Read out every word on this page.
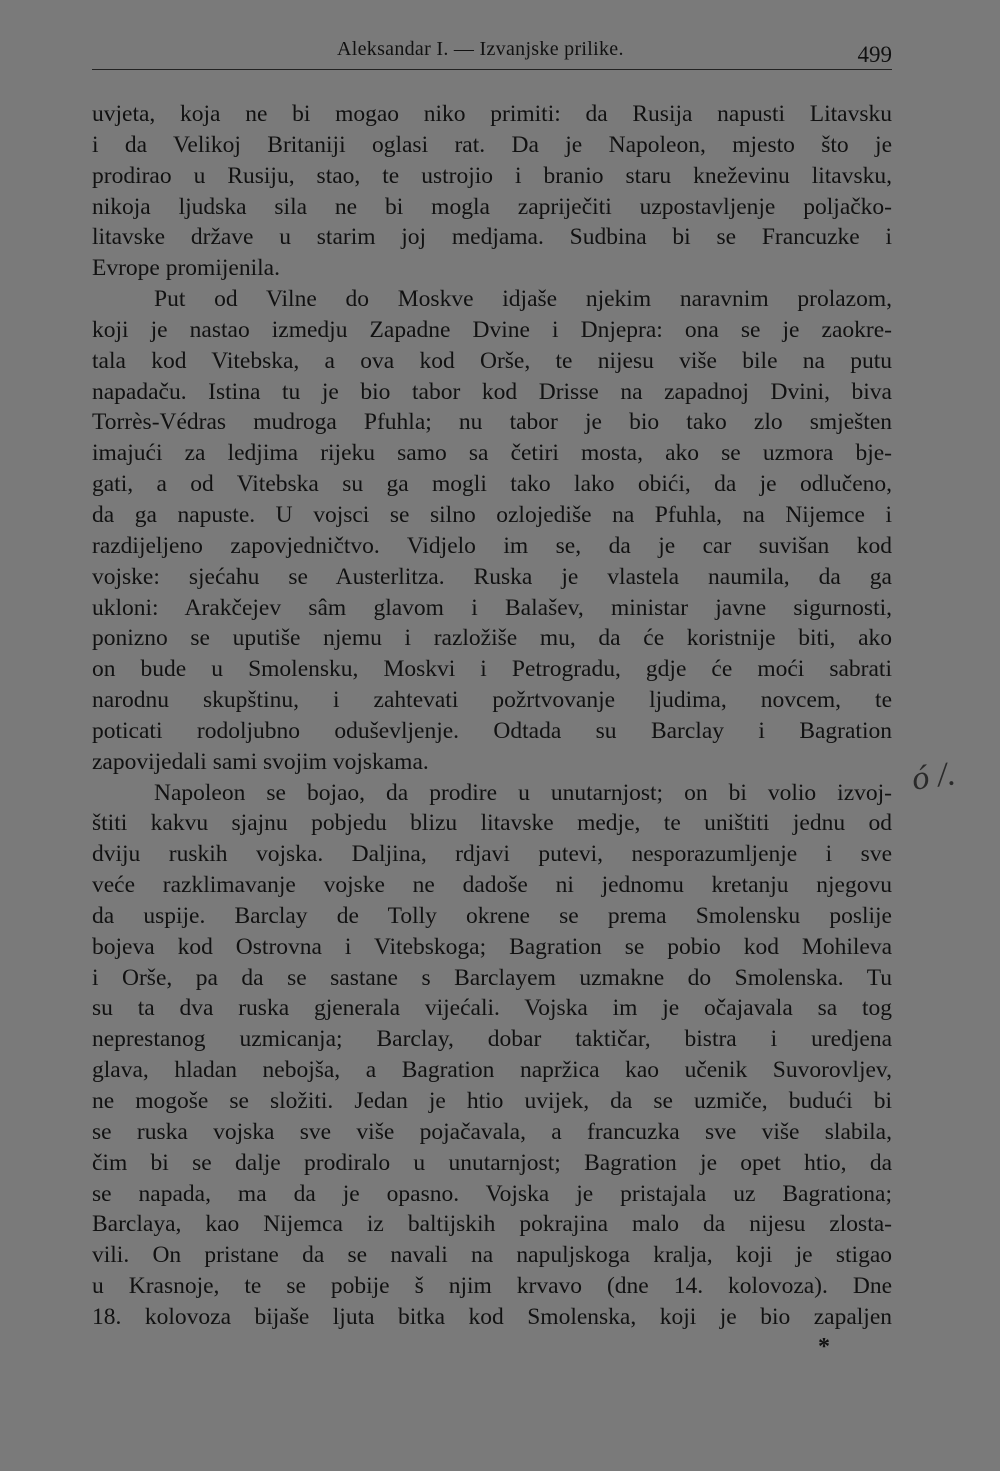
Aleksandar I. — Izvanjske prilike.	499
uvjeta, koja ne bi mogao niko primiti: da Rusija napusti Litavsku
i da Velikoj Britaniji oglasi rat. Da je Napoleon, mjesto što je
prodirao u Rusiju, stao, te ustrojio i branio staru kneževinu litavsku,
nikoja ljudska sila ne bi mogla zapriječiti uzpostavljenje poljačko-
litavske države u starim joj medjama. Sudbina bi se Francuzke i
Evrope promijenila.
Put od Vilne do Moskve idjaše njekim naravnim prolazom,
koji je nastao izmedju Zapadne Dvine i Dnjepra: ona se je zaokre-
tala kod Vitebska, a ova kod Orše, te nijesu više bile na putu
napadaču. Istina tu je bio tabor kod Drisse na zapadnoj Dvini, biva
Torrès-Védras mudroga Pfuhla; nu tabor je bio tako zlo smješten
imajući za ledjima rijeku samo sa četiri mosta, ako se uzmora bje-
gati, a od Vitebska su ga mogli tako lako obići, da je odlučeno,
da ga napuste. U vojsci se silno ozlojediše na Pfuhla, na Nijemce i
razdijeljeno zapovjedničtvo. Vidjelo im se, da je car suvišan kod
vojske: sjećahu se Austerlitza. Ruska je vlastela naumila, da ga
ukloni: Arakčejev sâm glavom i Balašev, ministar javne sigurnosti,
ponizno se uputiše njemu i razložiše mu, da će koristnije biti, ako
on bude u Smolensku, Moskvi i Petrogradu, gdje će moći sabrati
narodnu skupštinu, i zahtevati požrtvovanje ljudima, novcem, te
poticati rodoljubno oduševljenje. Odtada su Barclay i Bagration
zapovijedali sami svojim vojskama.
Napoleon se bojao, da prodire u unutarnjost; on bi volio izvoj-
štiti kakvu sjajnu pobjedu blizu litavske medje, te uništiti jednu od
dviju ruskih vojska. Daljina, rdjavi putevi, nesporazumljenje i sve
veće razklimavanje vojske ne dadoše ni jednomu kretanju njegovu
da uspije. Barclay de Tolly okrene se prema Smolensku poslije
bojeva kod Ostrovna i Vitebskoga; Bagration se pobio kod Mohileva
i Orše, pa da se sastane s Barclayem uzmakne do Smolenska. Tu
su ta dva ruska gjenerala vijećali. Vojska im je očajavala sa tog
neprestanog uzmicanja; Barclay, dobar taktičar, bistra i uredjena
glava, hladan nebojša, a Bagration napržica kao učenik Suvorovljev,
ne mogoše se složiti. Jedan je htio uvijek, da se uzmiče, budući bi
se ruska vojska sve više pojačavala, a francuzka sve više slabila,
čim bi se dalje prodiralo u unutarnjost; Bagration je opet htio, da
se napada, ma da je opasno. Vojska je pristajala uz Bagrationa;
Barclaya, kao Nijemca iz baltijskih pokrajina malo da nijesu zlosta-
vili. On pristane da se navali na napuljskoga kralja, koji je stigao
u Krasnoje, te se pobije š njim krvavo (dne 14. kolovoza). Dne
18. kolovoza bijaše ljuta bitka kod Smolenska, koji je bio zapaljen
ó /.
*
